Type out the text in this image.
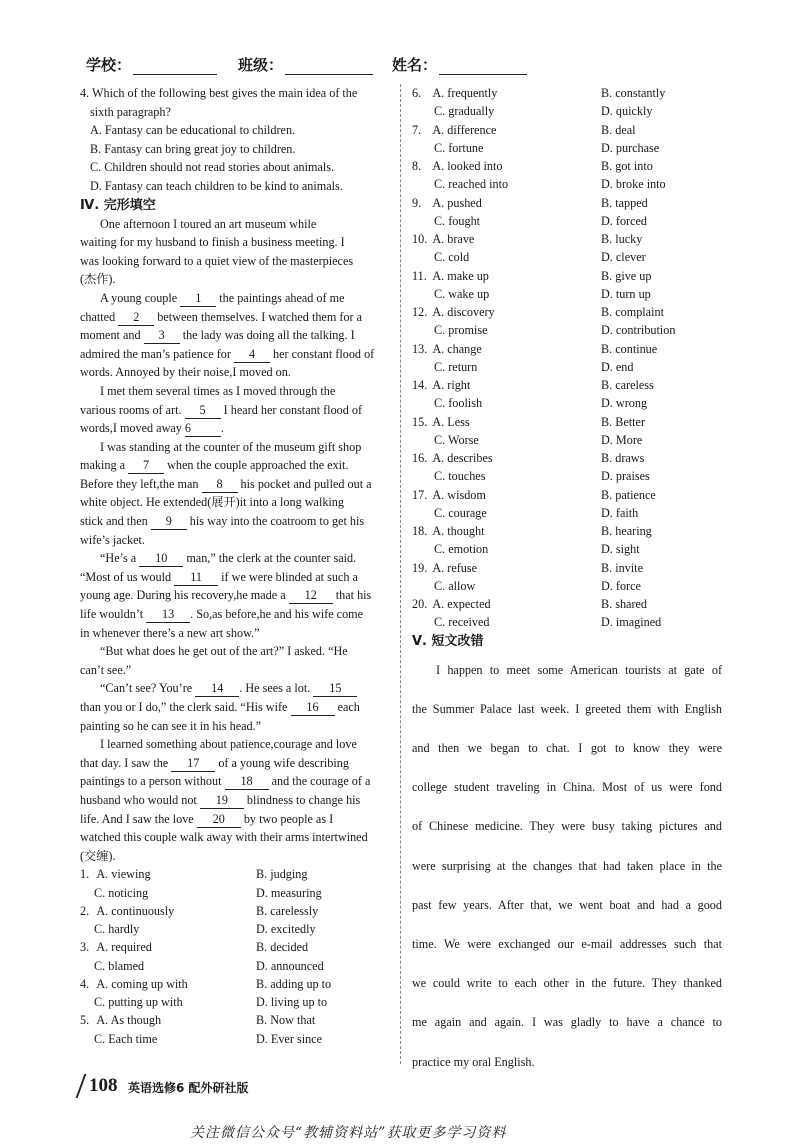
学校：	班级：	姓名：

4. Which of the following best gives the main idea of the

sixth paragraph?

A. Fantasy can be educational to children.

B. Fantasy can bring great joy to children.

C. Children should not read stories about animals.

D. Fantasy can teach children to be kind to animals.

Ⅳ. 完形填空

One afternoon I toured an art museum while

waiting for my husband to finish a business meeting. I

was looking forward to a quiet view of the masterpieces

(杰作).

A young couple 1 the paintings ahead of me

chatted 2 between themselves. I watched them for a

moment and 3 the lady was doing all the talking. I

admired the man’s patience for 4 her constant flood of

words. Annoyed by their noise,I moved on.

I met them several times as I moved through the

various rooms of art. 5 I heard her constant flood of

words,I moved away 6 .

I was standing at the counter of the museum gift shop

making a 7 when the couple approached the exit.

Before they left,the man 8 his pocket and pulled out a

white object. He extended(展开)it into a long walking

stick and then 9 his way into the coatroom to get his

wife’s jacket.

“He’s a 10 man,” the clerk at the counter said.

“Most of us would 11 if we were blinded at such a

young age. During his recovery,he made a 12 that his

life wouldn’t 13 . So,as before,he and his wife come

in whenever there’s a new art show.”

“But what does he get out of the art?” I asked. “He

can’t see.”

“Can’t see? You’re 14 . He sees a lot. 15

than you or I do,” the clerk said. “His wife 16 each

painting so he can see it in his head.”

I learned something about patience,courage and love

that day. I saw the 17 of a young wife describing

paintings to a person without 18 and the courage of a

husband who would not 19 blindness to change his

life. And I saw the love 20 by two people as I

watched this couple walk away with their arms intertwined

(交缠).

1. A. viewing	B. judging
C. noticing	D. measuring
2. A. continuously	B. carelessly
C. hardly	D. excitedly
3. A. required	B. decided
C. blamed	D. announced
4. A. coming up with	B. adding up to
C. putting up with	D. living up to
5. A. As though	B. Now that
C. Each time	D. Ever since
6. A. frequently	B. constantly
C. gradually	D. quickly
7. A. difference	B. deal
C. fortune	D. purchase
8. A. looked into	B. got into
C. reached into	D. broke into
9. A. pushed	B. tapped
C. fought	D. forced
10. A. brave	B. lucky
C. cold	D. clever
11. A. make up	B. give up
C. wake up	D. turn up
12. A. discovery	B. complaint
C. promise	D. contribution
13. A. change	B. continue
C. return	D. end
14. A. right	B. careless
C. foolish	D. wrong
15. A. Less	B. Better
C. Worse	D. More
16. A. describes	B. draws
C. touches	D. praises
17. A. wisdom	B. patience
C. courage	D. faith
18. A. thought	B. hearing
C. emotion	D. sight
19. A. refuse	B. invite
C. allow	D. force
20. A. expected	B. shared
C. received	D. imagined

Ⅴ. 短文改错

I happen to meet some American tourists at gate of

the Summer Palace last week. I greeted them with English

and then we began to chat. I got to know they were

college student traveling in China. Most of us were fond

of Chinese medicine. They were busy taking pictures and

were surprising at the changes that had taken place in the

past few years. After that, we went boat and had a good

time. We were exchanged our e-mail addresses such that

we could write to each other in the future. They thanked

me again and again. I was gladly to have a chance to

practice my oral English.

108 英语选修6 配外研社版
关注微信公众号“教辅资料站”获取更多学习资料
